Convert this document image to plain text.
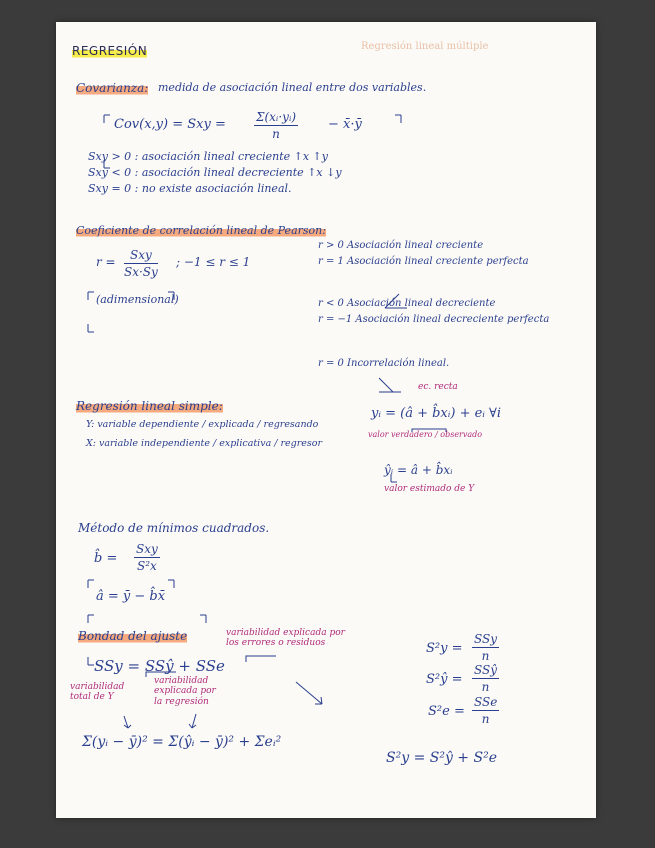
REGRESIÓN	Regresión lineal múltiple
Covarianza: medida de asociación lineal entre dos variables.
Cov(x,y) = Sxy = $\frac{\text{Σ(xᵢ·yᵢ)}}{n}$ − x̄·ȳ
Sxy > 0 : asociación lineal creciente ↑x ↑y
Sxy < 0 : asociación lineal decreciente ↑x ↓y
Sxy = 0 : no existe asociación lineal.
Coeficiente de correlación lineal de Pearson:
r =	Sxy
Sx·Sy
; −1 ≤ r ≤ 1
(adimensional)
r > 0 Asociación lineal creciente
r = 1 Asociación lineal creciente perfecta
r < 0 Asociación lineal decreciente
r = −1 Asociación lineal decreciente perfecta
r = 0 Incorrelación lineal.
Regresión lineal simple:
Y: variable dependiente / explicada / regresando
X: variable independiente / explicativa / regresor
ec. recta
yᵢ = (â + b̂xᵢ) + eᵢ ∀i
valor verdadero / observado
ŷᵢ = â + b̂xᵢ
valor estimado de Y
Método de mínimos cuadrados.
b̂ =
Sxy
S²x
â = ȳ − b̂x̄
Bondad del ajuste
SSy = SSŷ + SSe
variabilidad explicada por los errores o residuos
variabilidad total de Y
variabilidad explicada por la regresión
Σ(yᵢ − ȳ)² = Σ(ŷᵢ − ȳ)² + Σeᵢ²
S²y =
SSy
n
S²ŷ =
SSŷ
n
S²e =
SSe
n
S²y = S²ŷ + S²e
